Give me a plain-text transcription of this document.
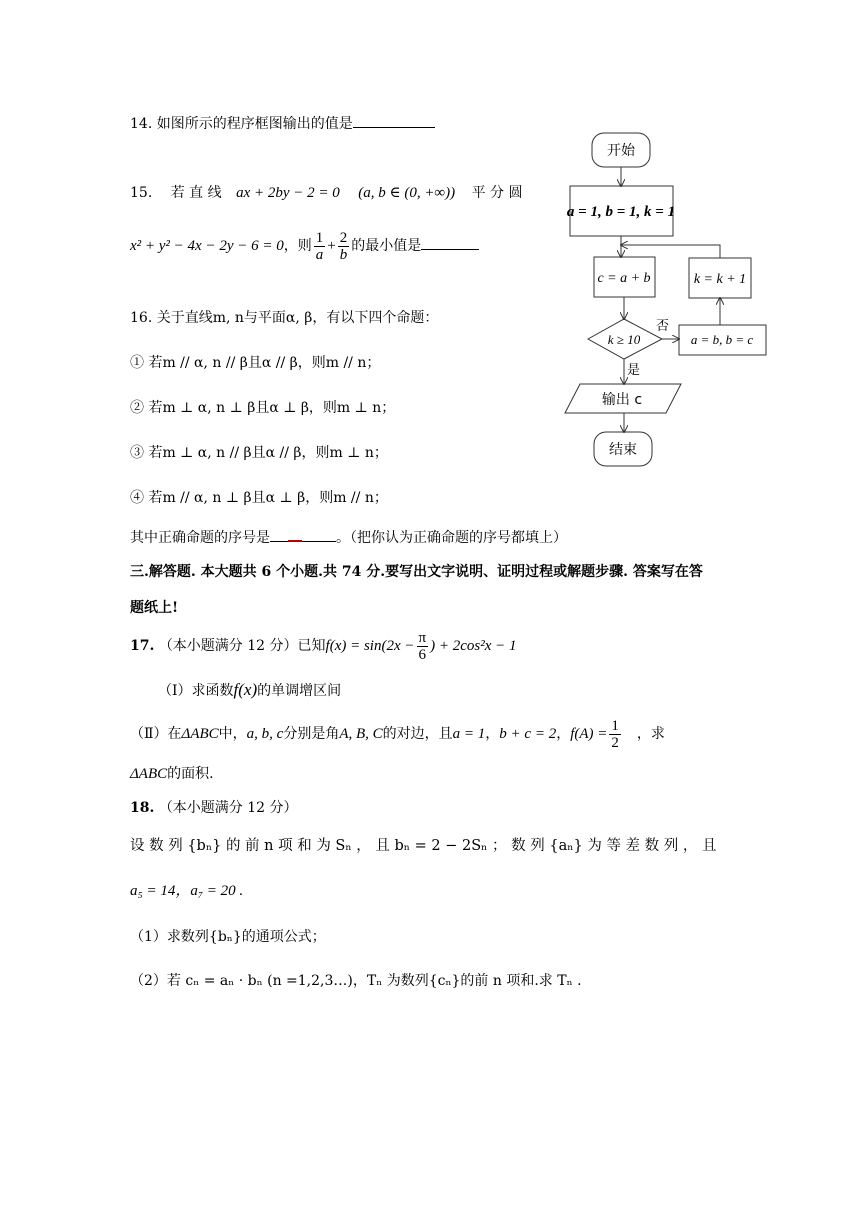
14. 如图所示的程序框图输出的值是
15. 若 直 线 ax + 2by − 2 = 0 (a, b ∈ (0, +∞)) 平 分 圆
x² + y² − 4x − 2y − 6 = 0，则 $\frac{1}{a} + \frac{2}{b}$ 的最小值是
16. 关于直线m, n与平面α, β，有以下四个命题：
① 若m // α, n // β且α // β，则m // n；
② 若m ⊥ α, n ⊥ β且α ⊥ β，则m ⊥ n；
③ 若m ⊥ α, n // β且α // β，则m ⊥ n；
④ 若m // α, n ⊥ β且α ⊥ β，则m // n；
其中正确命题的序号是	。（把你认为正确命题的序号都填上）
三.解答题. 本大题共 6 个小题.共 74 分.要写出文字说明、证明过程或解题步骤. 答案写在答
题纸上!
17. （本小题满分 12 分）已知$f(x) = \sin(2x - \frac{\pi}{6}$ ) + 2cos²x − 1
（Ⅰ）求函数f(x)的单调增区间
（Ⅱ）在ΔABC中，a, b, c分别是角A, B, C的对边，且a = 1，b + c = 2，$f(A) = \frac{1}{2}$ ，求
ΔABC的面积.
18. （本小题满分 12 分）
设 数 列 {bₙ} 的 前 n 项 和 为 Sₙ ， 且 bₙ = 2 − 2Sₙ ； 数 列 {aₙ} 为 等 差 数 列 ， 且
a₅ = 14，a₇ = 20 .
（1）求数列{bₙ}的通项公式；
（2）若 cₙ = aₙ · bₙ (n =1,2,3…)，Tₙ 为数列{cₙ}的前 n 项和.求 Tₙ .
开始
a = 1, b = 1, k = 1
c = a + b	k = k + 1
k ≥ 10
否
是
a = b, b = c
输出 c
结束
